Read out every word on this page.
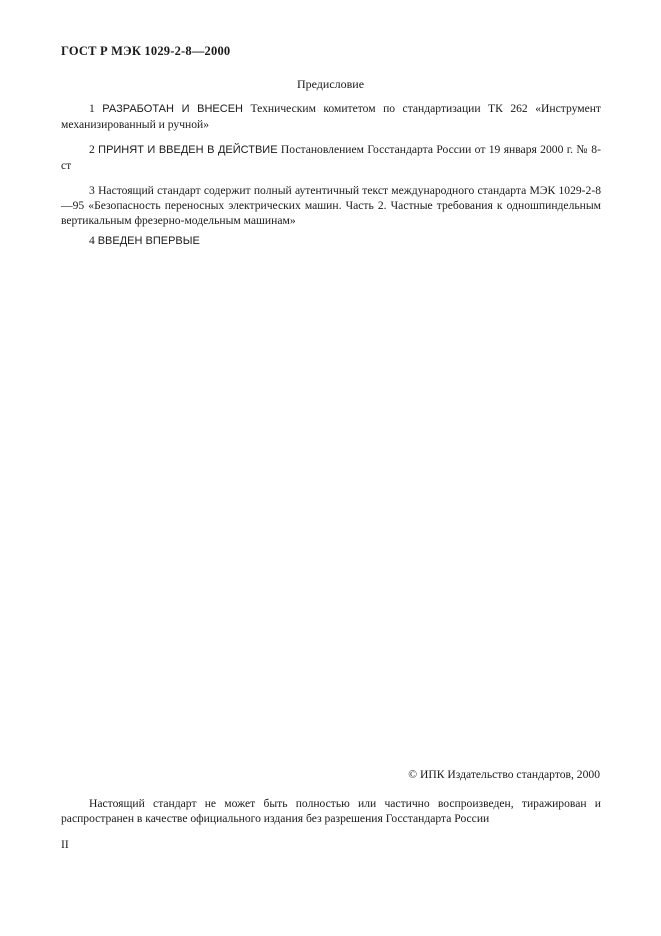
ГОСТ Р МЭК 1029-2-8—2000
Предисловие
1 РАЗРАБОТАН И ВНЕСЕН Техническим комитетом по стандартизации ТК 262 «Инструмент механизированный и ручной»
2 ПРИНЯТ И ВВЕДЕН В ДЕЙСТВИЕ Постановлением Госстандарта России от 19 января 2000 г. № 8-ст
3 Настоящий стандарт содержит полный аутентичный текст международного стандарта МЭК 1029-2-8—95 «Безопасность переносных электрических машин. Часть 2. Частные требования к одношпиндельным вертикальным фрезерно-модельным машинам»
4 ВВЕДЕН ВПЕРВЫЕ
© ИПК Издательство стандартов, 2000
Настоящий стандарт не может быть полностью или частично воспроизведен, тиражирован и распространен в качестве официального издания без разрешения Госстандарта России
II
